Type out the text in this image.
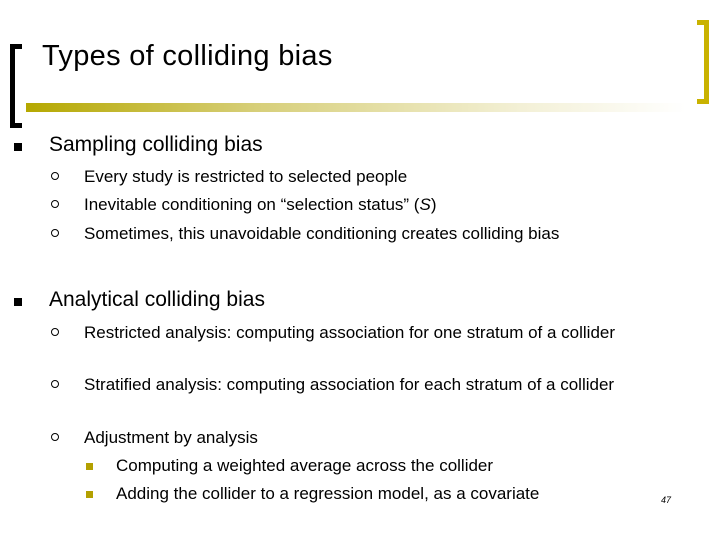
Types of colliding bias
Sampling colliding bias
Every study is restricted to selected people
Inevitable conditioning on “selection status” (S)
Sometimes, this unavoidable conditioning creates colliding bias
Analytical colliding bias
Restricted analysis: computing association for one stratum of a collider
Stratified analysis: computing association for each stratum of a collider
Adjustment by analysis
Computing a weighted average across the collider
Adding the collider to a regression model, as a covariate	47
